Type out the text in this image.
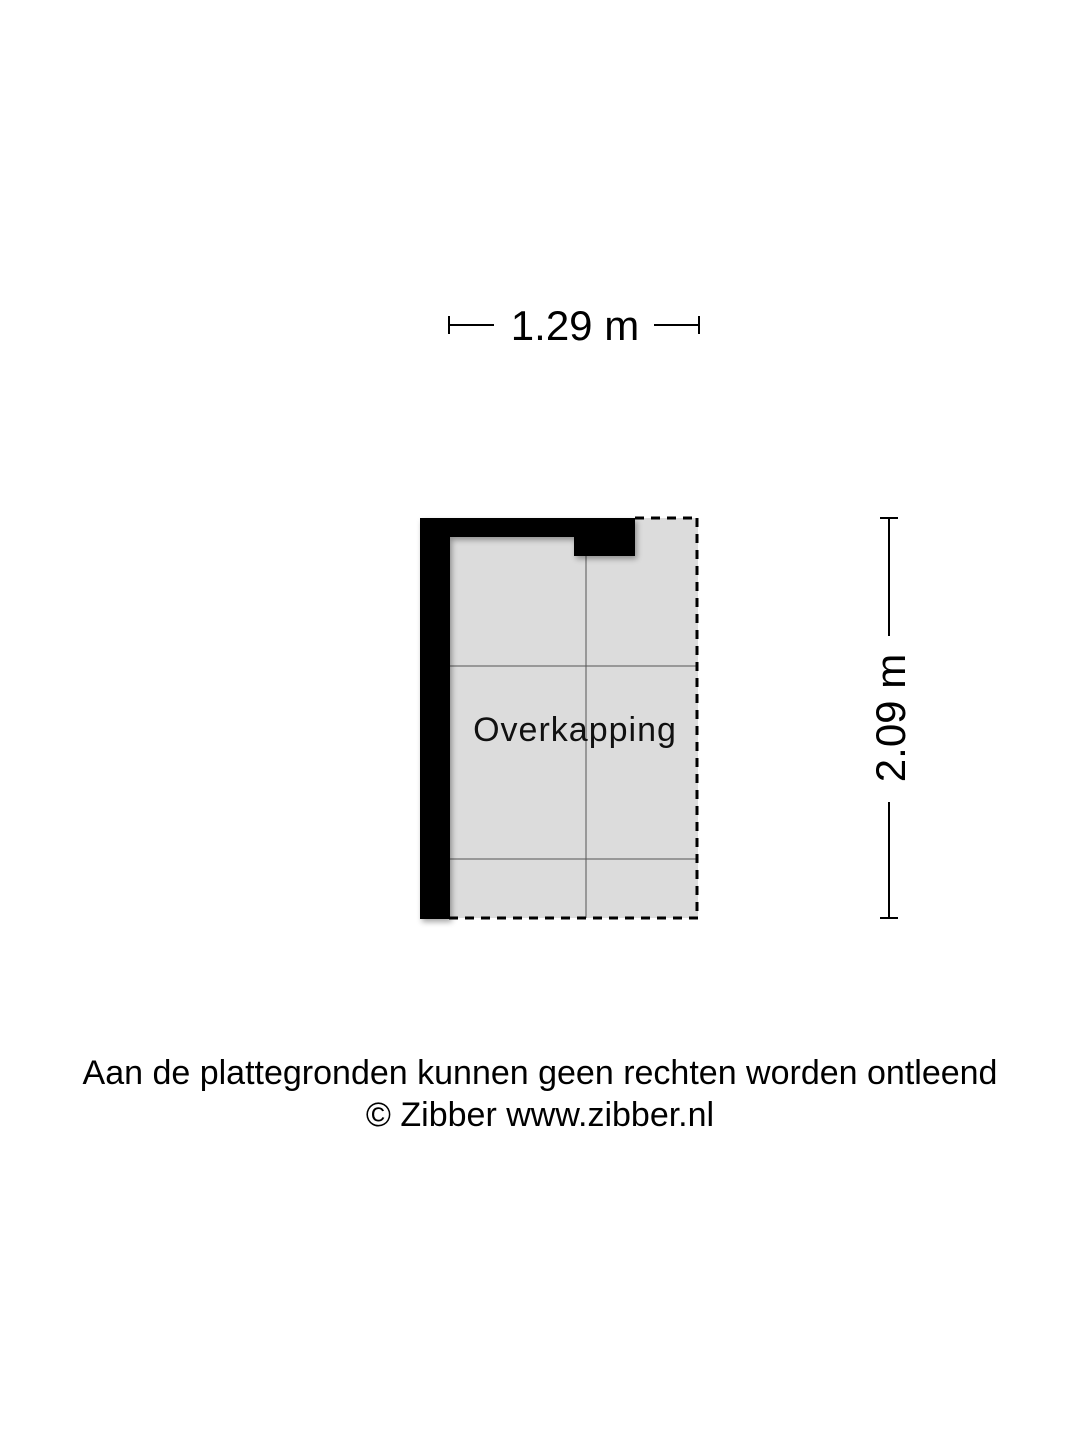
1.29 m
2.09 m
Overkapping
Aan de plattegronden kunnen geen rechten worden ontleend
© Zibber www.zibber.nl
